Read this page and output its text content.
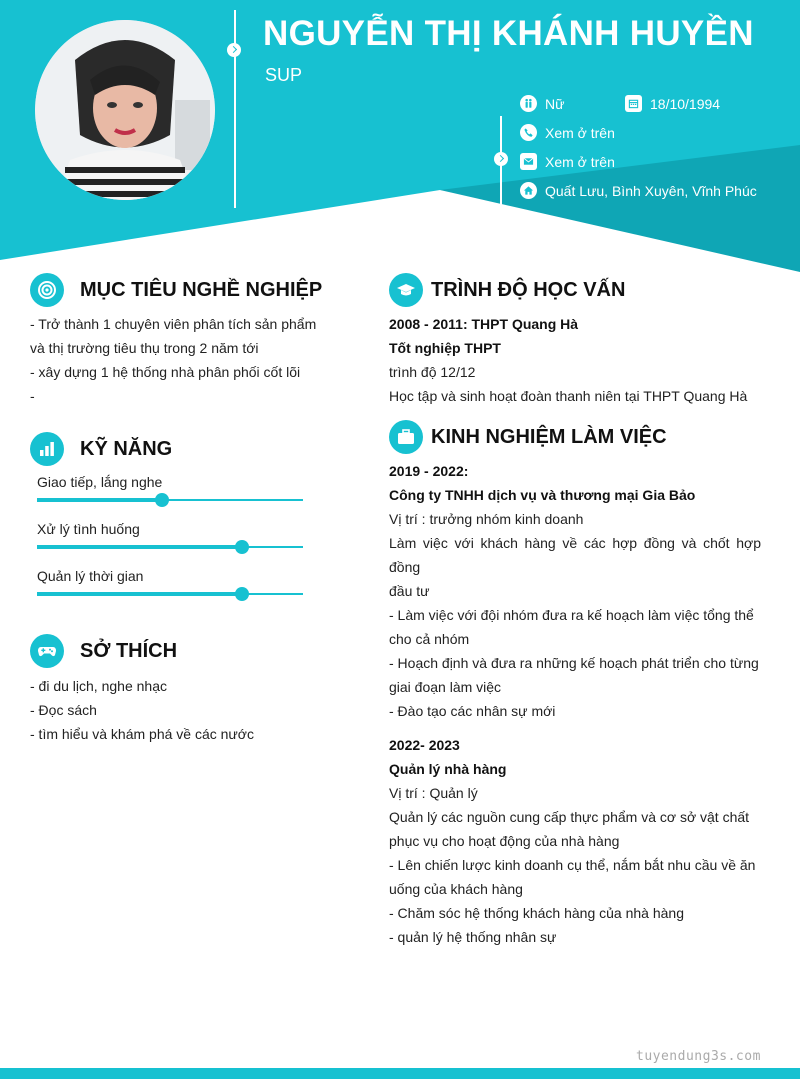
NGUYỄN THỊ KHÁNH HUYỀN
SUP
Nữ	18/10/1994
Xem ở trên
Xem ở trên
Quất Lưu, Bình Xuyên, Vĩnh Phúc
MỤC TIÊU NGHỀ NGHIỆP
- Trở thành 1 chuyên viên phân tích sản phẩm
và thị trường tiêu thụ trong 2 năm tới
- xây dựng 1 hệ thống nhà phân phối cốt lõi
-
KỸ NĂNG
Giao tiếp, lắng nghe
Xử lý tình huống
Quản lý thời gian
SỞ THÍCH
- đi du lịch, nghe nhạc
- Đọc sách
- tìm hiểu và khám phá về các nước
TRÌNH ĐỘ HỌC VẤN
2008 - 2011: THPT Quang Hà
Tốt nghiệp THPT
trình độ 12/12
Học tập và sinh hoạt đoàn thanh niên tại THPT Quang Hà
KINH NGHIỆM LÀM VIỆC
2019 - 2022:
Công ty TNHH dịch vụ và thương mại Gia Bảo
Vị trí : trưởng nhóm kinh doanh
Làm việc với khách hàng về các hợp đồng và chốt hợp đồng
đầu tư
- Làm việc với đội nhóm đưa ra kế hoạch làm việc tổng thể
cho cả nhóm
- Hoạch định và đưa ra những kế hoạch phát triển cho từng
giai đoạn làm việc
- Đào tạo các nhân sự mới
2022- 2023
Quản lý nhà hàng
Vị trí : Quản lý
Quản lý các nguồn cung cấp thực phẩm và cơ sở vật chất
phục vụ cho hoạt động của nhà hàng
- Lên chiến lược kinh doanh cụ thể, nắm bắt nhu cầu về ăn
uống của khách hàng
- Chăm sóc hệ thống khách hàng của nhà hàng
- quản lý hệ thống nhân sự
tuyendung3s.com
